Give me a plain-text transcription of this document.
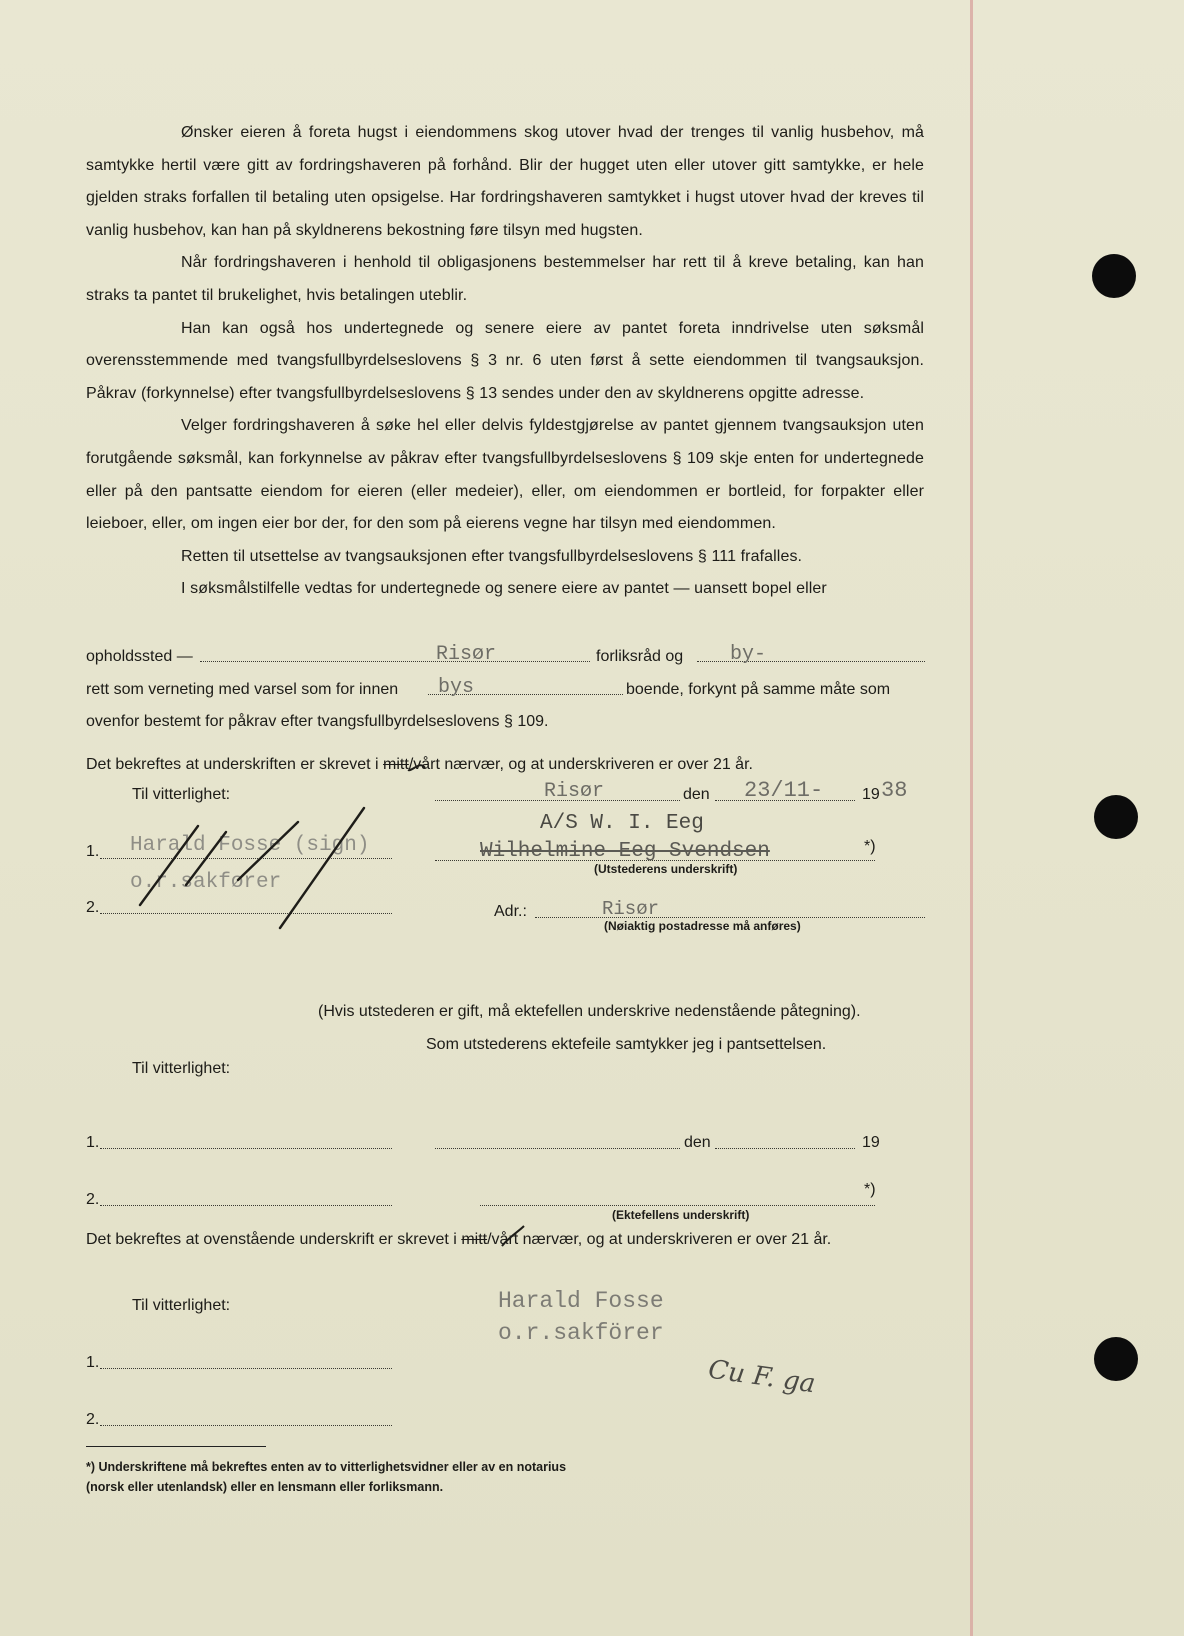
Ønsker eieren å foreta hugst i eiendommens skog utover hvad der trenges til vanlig husbehov, må samtykke hertil være gitt av fordringshaveren på forhånd. Blir der hugget uten eller utover gitt samtykke, er hele gjelden straks forfallen til betaling uten opsigelse. Har fordringshaveren samtykket i hugst utover hvad der kreves til vanlig husbehov, kan han på skyldnerens bekostning føre tilsyn med hugsten.

Når fordringshaveren i henhold til obligasjonens bestemmelser har rett til å kreve betaling, kan han straks ta pantet til brukelighet, hvis betalingen uteblir.

Han kan også hos undertegnede og senere eiere av pantet foreta inndrivelse uten søksmål overensstemmende med tvangsfullbyrdelseslovens § 3 nr. 6 uten først å sette eiendommen til tvangsauksjon. Påkrav (forkynnelse) efter tvangsfullbyrdelseslovens § 13 sendes under den av skyldnerens opgitte adresse.

Velger fordringshaveren å søke hel eller delvis fyldestgjørelse av pantet gjennem tvangsauksjon uten forutgående søksmål, kan forkynnelse av påkrav efter tvangsfullbyrdelseslovens § 109 skje enten for undertegnede eller på den pantsatte eiendom for eieren (eller medeier), eller, om eiendommen er bortleid, for forpakter eller leieboer, eller, om ingen eier bor der, for den som på eierens vegne har tilsyn med eiendommen.

Retten til utsettelse av tvangsauksjonen efter tvangsfullbyrdelseslovens § 111 frafalles.

I søksmålstilfelle vedtas for undertegnede og senere eiere av pantet — uansett bopel eller

opholdssted —	Risør	forliksråd og by-
rett som verneting med varsel som for innen bys	boende, forkynt på samme måte som
ovenfor bestemt for påkrav efter tvangsfullbyrdelseslovens § 109.
Det bekreftes at underskriften er skrevet i mitt/vårt nærvær, og at underskriveren er over 21 år.
Til vitterlighet:
1. Harald Fosse (sign)
2.
o.r.sakfører
Risør	den 23/11- 19 38
A/S W. I. Eeg
Wilhelmine Eeg Svendsen	*)
(Utstederens underskrift)
Adr.:	Risør
(Nøiaktig postadresse må anføres)
(Hvis utstederen er gift, må ektefellen underskrive nedenstående påtegning).
Som utstederens ektefeile samtykker jeg i pantsettelsen.
Til vitterlighet:
1.	den	19
2.
*)
(Ektefellens underskrift)
Det bekreftes at ovenstående underskrift er skrevet i mitt/vårt nærvær, og at underskriveren er over 21 år.
Til vitterlighet:	Harald Fosse
o.r.sakförer
1.	Cu F. ga
2.
*) Underskriftene må bekreftes enten av to vitterlighetsvidner eller av en notarius (norsk eller utenlandsk) eller en lensmann eller forliksmann.
